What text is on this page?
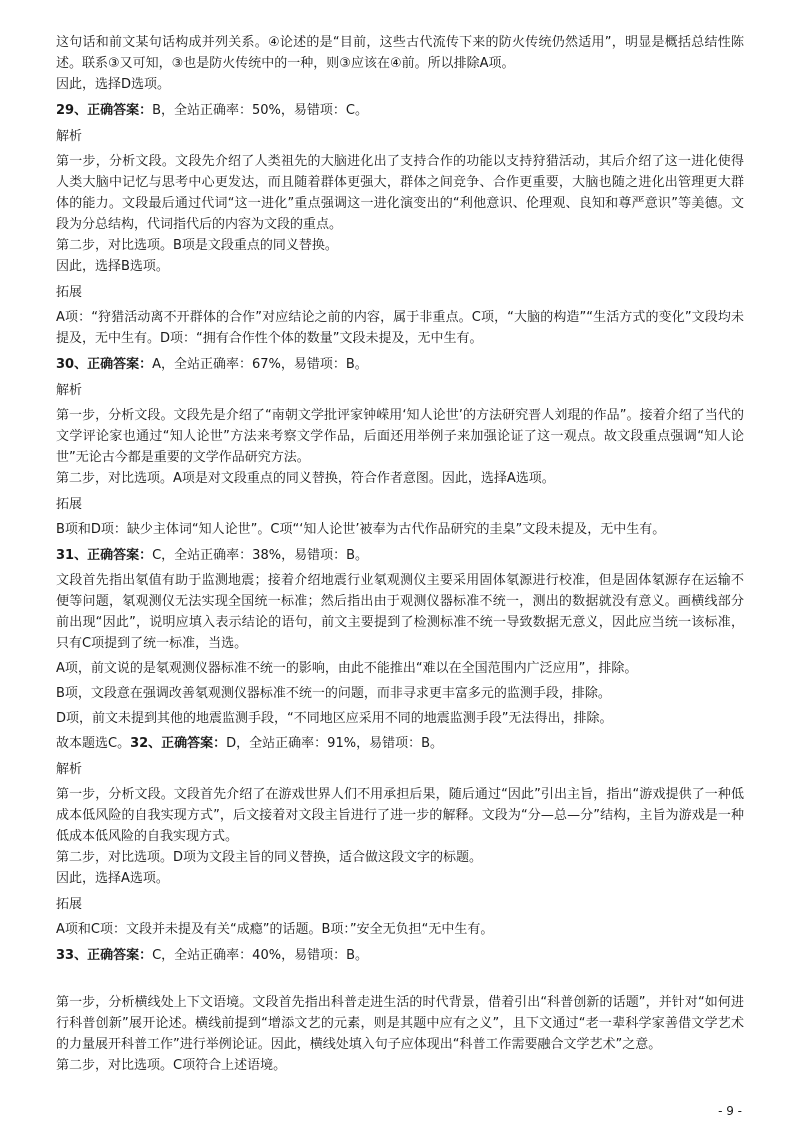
这句话和前文某句话构成并列关系。④论述的是“目前，这些古代流传下来的防火传统仍然适用”，明显是概括总结性陈述。联系③又可知，③也是防火传统中的一种，则③应该在④前。所以排除A项。

因此，选择D选项。

29、正确答案：B，全站正确率：50%，易错项：C。

解析

第一步，分析文段。文段先介绍了人类祖先的大脑进化出了支持合作的功能以支持狩猎活动，其后介绍了这一进化使得人类大脑中记忆与思考中心更发达，而且随着群体更强大，群体之间竞争、合作更重要，大脑也随之进化出管理更大群体的能力。文段最后通过代词“这一进化”重点强调这一进化演变出的“利他意识、伦理观、良知和尊严意识”等美德。文段为分总结构，代词指代后的内容为文段的重点。

第二步，对比选项。B项是文段重点的同义替换。

因此，选择B选项。

拓展

A项：“狩猎活动离不开群体的合作”对应结论之前的内容，属于非重点。C项，“大脑的构造”“生活方式的变化”文段均未提及，无中生有。D项：“拥有合作性个体的数量”文段未提及，无中生有。

30、正确答案：A，全站正确率：67%，易错项：B。

解析

第一步，分析文段。文段先是介绍了“南朝文学批评家钟嵘用‘知人论世’的方法研究晋人刘琨的作品”。接着介绍了当代的文学评论家也通过“知人论世”方法来考察文学作品，后面还用举例子来加强论证了这一观点。故文段重点强调“知人论世”无论古今都是重要的文学作品研究方法。

第二步，对比选项。A项是对文段重点的同义替换，符合作者意图。因此，选择A选项。

拓展

B项和D项：缺少主体词“知人论世”。C项“‘知人论世’被奉为古代作品研究的圭臬”文段未提及，无中生有。

31、正确答案：C，全站正确率：38%，易错项：B。

文段首先指出氡值有助于监测地震；接着介绍地震行业氡观测仪主要采用固体氡源进行校准，但是固体氡源存在运输不便等问题，氡观测仪无法实现全国统一标准；然后指出由于观测仪器标准不统一，测出的数据就没有意义。画横线部分前出现“因此”，说明应填入表示结论的语句，前文主要提到了检测标准不统一导致数据无意义，因此应当统一该标准，只有C项提到了统一标准，当选。

A项，前文说的是氡观测仪器标准不统一的影响，由此不能推出“难以在全国范围内广泛应用”，排除。

B项，文段意在强调改善氡观测仪器标准不统一的问题，而非寻求更丰富多元的监测手段，排除。

D项，前文未提到其他的地震监测手段，“不同地区应采用不同的地震监测手段”无法得出，排除。

故本题选C。32、正确答案：D，全站正确率：91%，易错项：B。

解析

第一步，分析文段。文段首先介绍了在游戏世界人们不用承担后果，随后通过“因此”引出主旨，指出“游戏提供了一种低成本低风险的自我实现方式”，后文接着对文段主旨进行了进一步的解释。文段为“分—总—分”结构，主旨为游戏是一种低成本低风险的自我实现方式。

第二步，对比选项。D项为文段主旨的同义替换，适合做这段文字的标题。

因此，选择A选项。

拓展

A项和C项：文段并未提及有关“成瘾”的话题。B项：”安全无负担“无中生有。

33、正确答案：C，全站正确率：40%，易错项：B。

第一步，分析横线处上下文语境。文段首先指出科普走进生活的时代背景，借着引出“科普创新的话题”，并针对“如何进行科普创新”展开论述。横线前提到“增添文艺的元素，则是其题中应有之义”，且下文通过“老一辈科学家善借文学艺术的力量展开科普工作”进行举例论证。因此，横线处填入句子应体现出“科普工作需要融合文学艺术”之意。

第二步，对比选项。C项符合上述语境。

- 9 -
